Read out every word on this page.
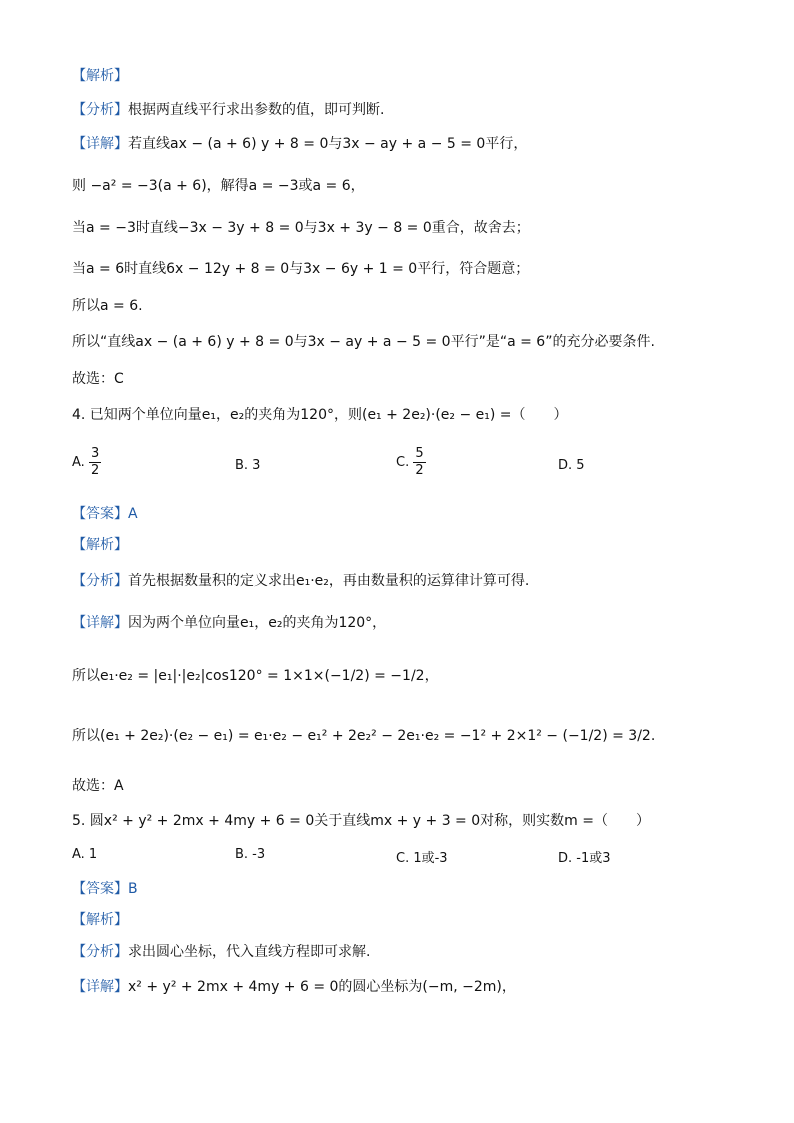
【解析】
【分析】根据两直线平行求出参数的值，即可判断.
【详解】若直线ax − (a + 6) y + 8 = 0与3x − ay + a − 5 = 0平行，
则 −a² = −3(a + 6)，解得a = −3或a = 6，
当a = −3时直线−3x − 3y + 8 = 0与3x + 3y − 8 = 0重合，故舍去；
当a = 6时直线6x − 12y + 8 = 0与3x − 6y + 1 = 0平行，符合题意；
所以a = 6.
所以“直线ax − (a + 6) y + 8 = 0与3x − ay + a − 5 = 0平行”是“a = 6”的充分必要条件.
故选：C
4. 已知两个单位向量e₁，e₂的夹角为120°，则(e₁ + 2e₂)·(e₂ − e₁) =（　　）
A. $\frac{3}{2}$	B. 3	C. $\frac{5}{2}$	D. 5
【答案】A
【解析】
【分析】首先根据数量积的定义求出e₁·e₂，再由数量积的运算律计算可得.
【详解】因为两个单位向量e₁，e₂的夹角为120°，
所以e₁·e₂ = |e₁|·|e₂|cos120° = 1×1×(−1/2) = −1/2，
所以(e₁ + 2e₂)·(e₂ − e₁) = e₁·e₂ − e₁² + 2e₂² − 2e₁·e₂ = −1² + 2×1² − (−1/2) = 3/2.
故选：A
5. 圆x² + y² + 2mx + 4my + 6 = 0关于直线mx + y + 3 = 0对称，则实数m =（　　）
A. 1	B. -3	C. 1或-3	D. -1或3
【答案】B
【解析】
【分析】求出圆心坐标，代入直线方程即可求解.
【详解】x² + y² + 2mx + 4my + 6 = 0的圆心坐标为(−m, −2m)，
